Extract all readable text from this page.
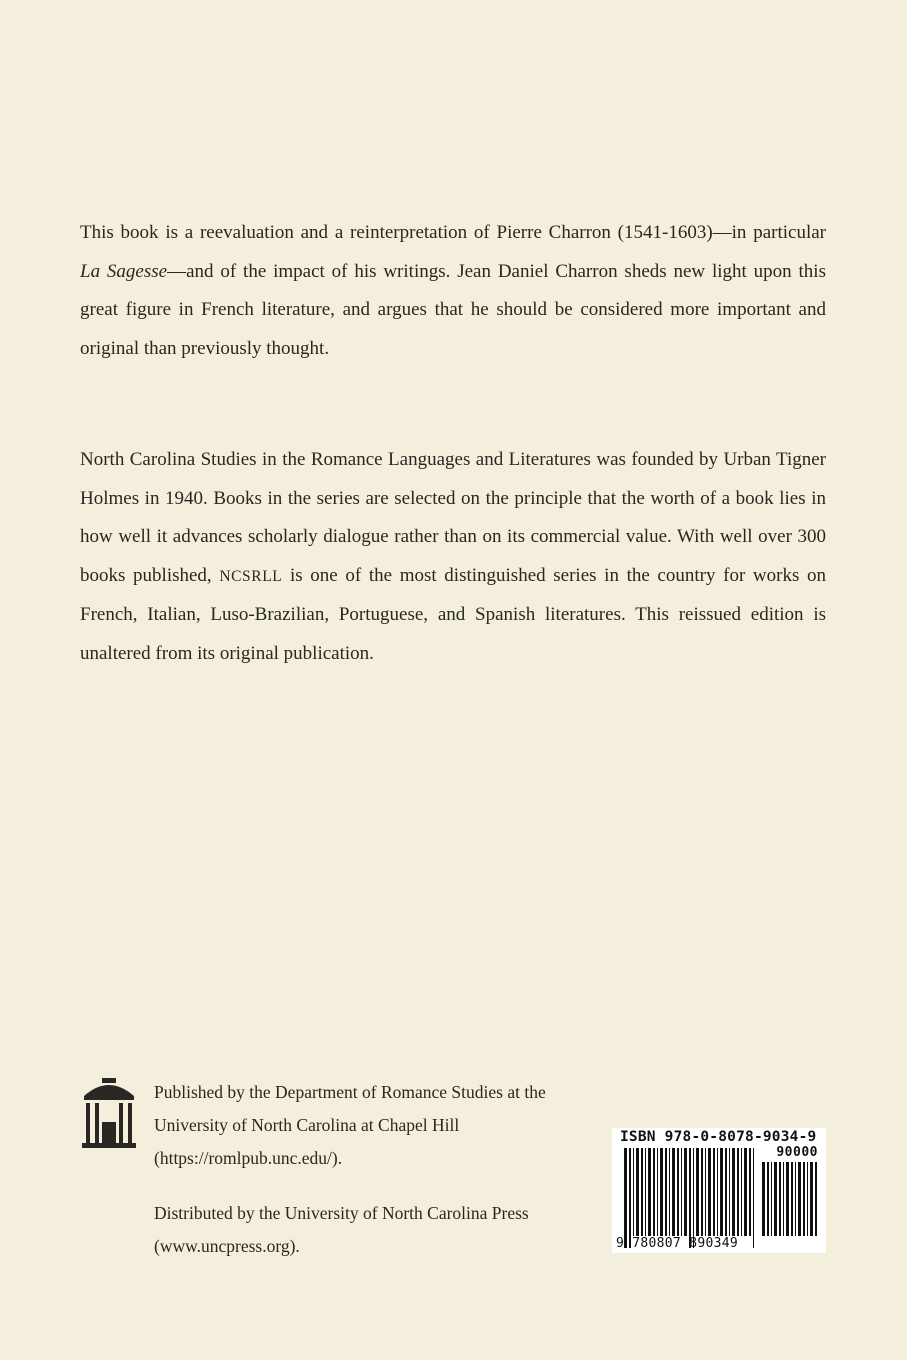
This book is a reevaluation and a reinterpretation of Pierre Charron (1541-1603)—in particular La Sagesse—and of the impact of his writings. Jean Daniel Charron sheds new light upon this great figure in French literature, and argues that he should be considered more important and original than previously thought.

North Carolina Studies in the Romance Languages and Literatures was founded by Urban Tigner Holmes in 1940. Books in the series are selected on the principle that the worth of a book lies in how well it advances scholarly dialogue rather than on its commercial value. With well over 300 books published, NCSRLL is one of the most distinguished series in the country for works on French, Italian, Luso-Brazilian, Portuguese, and Spanish literatures. This reissued edition is unaltered from its original publication.

Published by the Department of Romance Studies at the
University of North Carolina at Chapel Hill
(https://romlpub.unc.edu/).

Distributed by the University of North Carolina Press
(www.uncpress.org).

ISBN 978-0-8078-9034-9
90000
9 780807 890349
